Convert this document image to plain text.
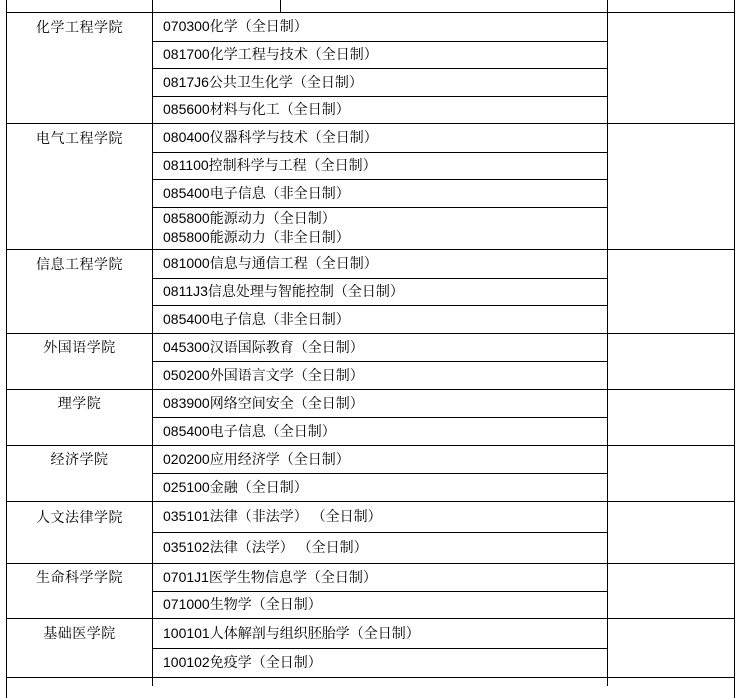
化学工程学院	070300化学（全日制）
081700化学工程与技术（全日制）
0817J6公共卫生化学（全日制）
085600材料与化工（全日制）
电气工程学院	080400仪器科学与技术（全日制）
081100控制科学与工程（全日制）
085400电子信息（非全日制）
085800能源动力（全日制）
085800能源动力（非全日制）
信息工程学院	081000信息与通信工程（全日制）
0811J3信息处理与智能控制（全日制）
085400电子信息（非全日制）
外国语学院	045300汉语国际教育（全日制）
050200外国语言文学（全日制）
理学院	083900网络空间安全（全日制）
085400电子信息（全日制）
经济学院	020200应用经济学（全日制）
025100金融（全日制）
人文法律学院	035101法律（非法学） （全日制）
035102法律（法学） （全日制）
生命科学学院	0701J1医学生物信息学（全日制）
071000生物学（全日制）
基础医学院	100101人体解剖与组织胚胎学（全日制）
100102免疫学（全日制）
